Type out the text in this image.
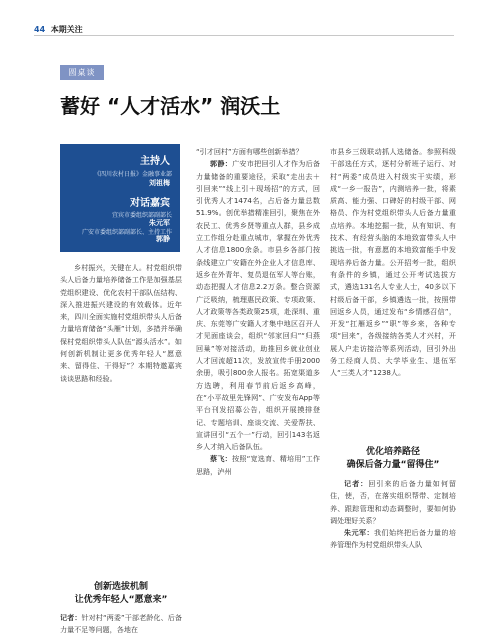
44 本期关注
圆桌谈
蓄好 “人才活水” 润沃土
主持人
《四川农村日报》金融事业部
刘祖梅
对话嘉宾
宜宾市委组织部副部长
朱元军
广安市委组织部副部长、主持工作
郭静

乡村振兴，关键在人。村党组织带头人后备力量培养储备工作是加强基层党组织建设、优化农村干部队伍结构、深入推进振兴建设的有效载体。近年来，四川全面实施村党组织带头人后备力量培育储备“头雁”计划，多措并举确保村党组织带头人队伍“源头活水”。如何创新机制让更多优秀年轻人“愿意来、留得住、干得好”？本期特邀嘉宾谈谈思路和经验。

创新选拔机制
让优秀年轻人“愿意来”

记者：针对村“两委”干部老龄化、后备力量不足等问题，各地在

“引才回村”方面有哪些创新举措？

郭静：广安市把回引人才作为后备力量储备的重要途径，采取“走出去＋引回来”“线上引＋现场招”的方式，回引优秀人才1474名，占后备力量总数51.9%。创优举措精准回引，聚焦在外农民工、优秀乡贤等重点人群，县乡成立工作组分赴重点城市，掌握在外优秀人才信息1800余条。市县乡各部门按条线建立广安籍在外企业人才信息库、返乡在外青年、复员退伍军人等台账，动态把握人才信息2.2万条。整合资源广泛吸纳，梳理惠民政策、专项政策、人才政策等各类政策25项，赴深圳、重庆、东莞等广安籍人才集中地区召开人才见面座谈会，组织“邻家回归”“归燕回巢”等对接活动，助推回乡就业创业人才回流超11次，发放宣传手册2000余册，吸引800余人报名。拓宽渠道多方选聘，利用春节前后返乡高峰，在“小平故里先锋网”、广安发布App等平台刊发招募公告，组织开展摸排登记、专题培训、座谈交流、关爱帮扶、宣讲回引“五个一”行动，回引143名返乡人才纳入后备队伍。

蔡飞：按照“宽选育、精培用”工作思路，泸州

市县乡三级联动抓人选储备。参照科级干部选任方式，逐村分析班子运行、对村“两委”成员进入村级实干实绩，形成“一乡一报告”，内测培养一批，将素质高、能力强、口碑好的村级干部、网格员、作为村党组织带头人后备力量重点培养。本地挖掘一批，从有知识、有技术、有经营头脑的本地致富带头人中挑选一批，有意愿的本地致富能手中发现培养后备力量。公开招考一批，组织有条件的乡镇，通过公开考试选拔方式，遴选131名人专业人士，40多以下村级后备干部，乡镇遴选一批，按照带回返乡人员，通过发布“乡情感召信”，开发“扛雁返乡”“职”等乡来，各种专项“回来”，各级接纳各类人才兴村，开展人户走访接洽等系列活动，回引外出务工经商人员、大学毕业生、退伍军人“三类人才”1238人。

优化培养路径
确保后备力量“留得住”

记者：回引来的后备力量如何留住，使，否，在落实组织帮带、定制培养、跟踪管理和动态调整时，要如何协调处理好关系？

朱元军：我们始终把后备力量的培养管理作为村党组织带头人队
